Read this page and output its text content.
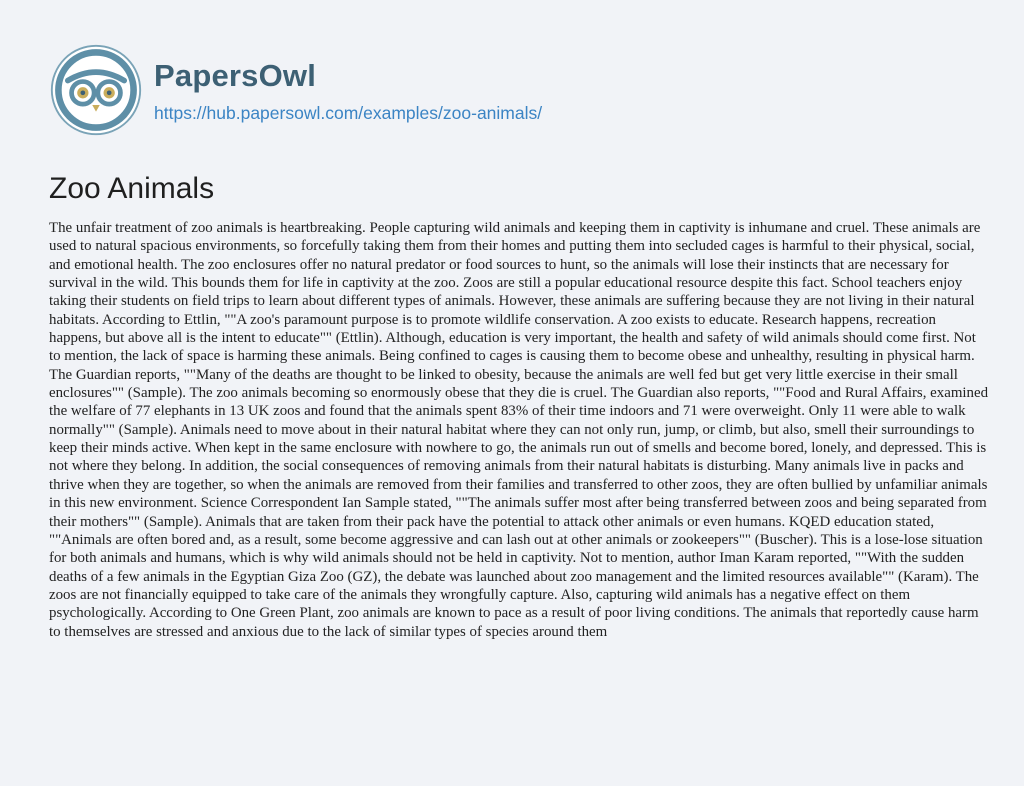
PapersOwl
https://hub.papersowl.com/examples/zoo-animals/
Zoo Animals

The unfair treatment of zoo animals is heartbreaking. People capturing wild animals and keeping them in captivity is inhumane and cruel. These animals are used to natural spacious environments, so forcefully taking them from their homes and putting them into secluded cages is harmful to their physical, social, and emotional health. The zoo enclosures offer no natural predator or food sources to hunt, so the animals will lose their instincts that are necessary for survival in the wild. This bounds them for life in captivity at the zoo. Zoos are still a popular educational resource despite this fact. School teachers enjoy taking their students on field trips to learn about different types of animals. However, these animals are suffering because they are not living in their natural habitats. According to Ettlin, ""A zoo's paramount purpose is to promote wildlife conservation. A zoo exists to educate. Research happens, recreation happens, but above all is the intent to educate"" (Ettlin). Although, education is very important, the health and safety of wild animals should come first. Not to mention, the lack of space is harming these animals. Being confined to cages is causing them to become obese and unhealthy, resulting in physical harm. The Guardian reports, ""Many of the deaths are thought to be linked to obesity, because the animals are well fed but get very little exercise in their small enclosures"" (Sample). The zoo animals becoming so enormously obese that they die is cruel. The Guardian also reports, ""Food and Rural Affairs, examined the welfare of 77 elephants in 13 UK zoos and found that the animals spent 83% of their time indoors and 71 were overweight. Only 11 were able to walk normally"" (Sample). Animals need to move about in their natural habitat where they can not only run, jump, or climb, but also, smell their surroundings to keep their minds active. When kept in the same enclosure with nowhere to go, the animals run out of smells and become bored, lonely, and depressed. This is not where they belong. In addition, the social consequences of removing animals from their natural habitats is disturbing. Many animals live in packs and thrive when they are together, so when the animals are removed from their families and transferred to other zoos, they are often bullied by unfamiliar animals in this new environment. Science Correspondent Ian Sample stated, ""The animals suffer most after being transferred between zoos and being separated from their mothers"" (Sample). Animals that are taken from their pack have the potential to attack other animals or even humans. KQED education stated, ""Animals are often bored and, as a result, some become aggressive and can lash out at other animals or zookeepers"" (Buscher). This is a lose-lose situation for both animals and humans, which is why wild animals should not be held in captivity. Not to mention, author Iman Karam reported, ""With the sudden deaths of a few animals in the Egyptian Giza Zoo (GZ), the debate was launched about zoo management and the limited resources available"" (Karam). The zoos are not financially equipped to take care of the animals they wrongfully capture. Also, capturing wild animals has a negative effect on them psychologically. According to One Green Plant, zoo animals are known to pace as a result of poor living conditions. The animals that reportedly cause harm to themselves are stressed and anxious due to the lack of similar types of species around them
